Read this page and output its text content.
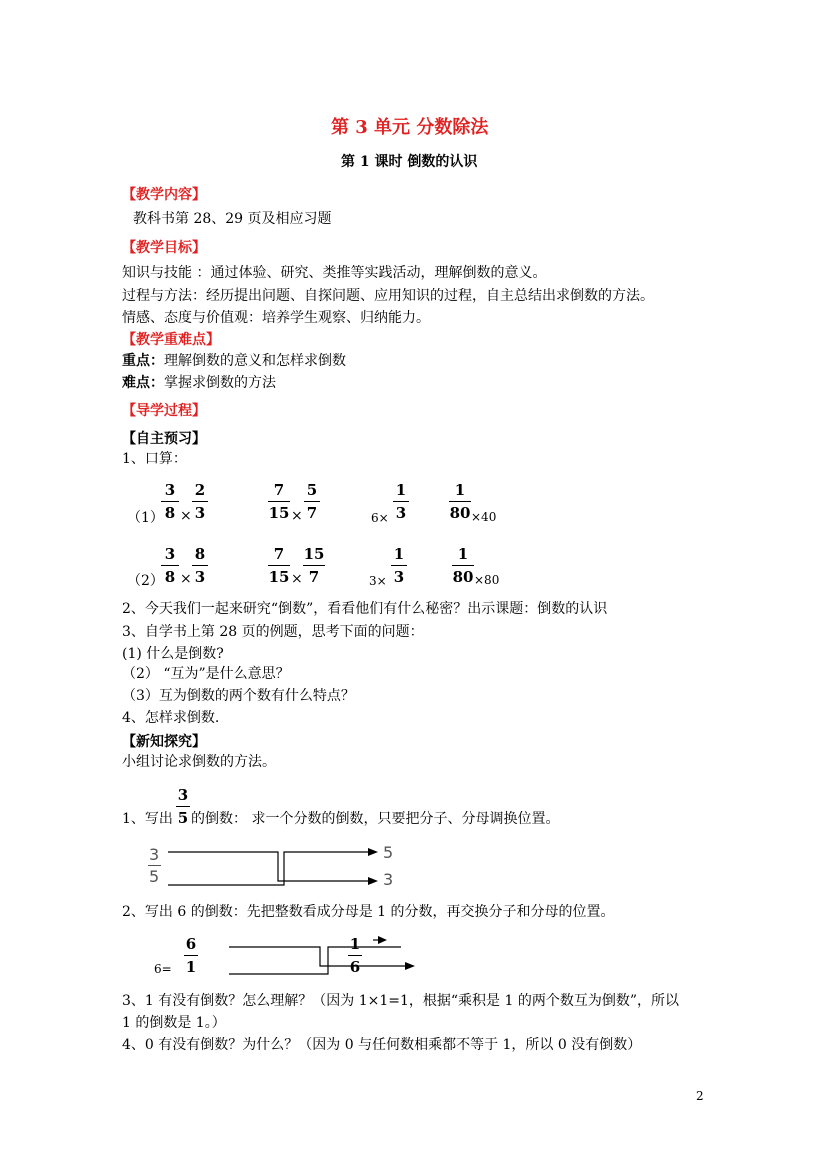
第 3 单元 分数除法
第 1 课时 倒数的认识
【教学内容】
教科书第 28、29 页及相应习题
【教学目标】
知识与技能 ：通过体验、研究、类推等实践活动，理解倒数的意义。
过程与方法：经历提出问题、自探问题、应用知识的过程，自主总结出求倒数的方法。
情感、态度与价值观：培养学生观察、归纳能力。
【教学重难点】
重点：理解倒数的意义和怎样求倒数
难点：掌握求倒数的方法
【导学过程】
【自主预习】
1、口算：
（1）
3
8 ×
2
3
7
15 ×
5
7	6×
1
3
1
80 ×40
（2）
3
8 ×
8
3
7
15 ×
15
7	3×
1
3
1
80 ×80
2、今天我们一起来研究“倒数”，看看他们有什么秘密？出示课题：倒数的认识
3、自学书上第 28 页的例题，思考下面的问题：
(1) 什么是倒数?
（2） “互为”是什么意思？
（3）互为倒数的两个数有什么特点？
4、怎样求倒数.
【新知探究】
小组讨论求倒数的方法。
1、写出
3
5 的倒数： 求一个分数的倒数，只要把分子、分母调换位置。
3
5
5
3
2、写出 6 的倒数：先把整数看成分母是 1 的分数，再交换分子和分母的位置。
6=
6
1
1
6
3、1 有没有倒数？怎么理解？（因为 1×1=1，根据“乘积是 1 的两个数互为倒数”，所以
1 的倒数是 1。）
4、0 有没有倒数？为什么？（因为 0 与任何数相乘都不等于 1，所以 0 没有倒数）
2
